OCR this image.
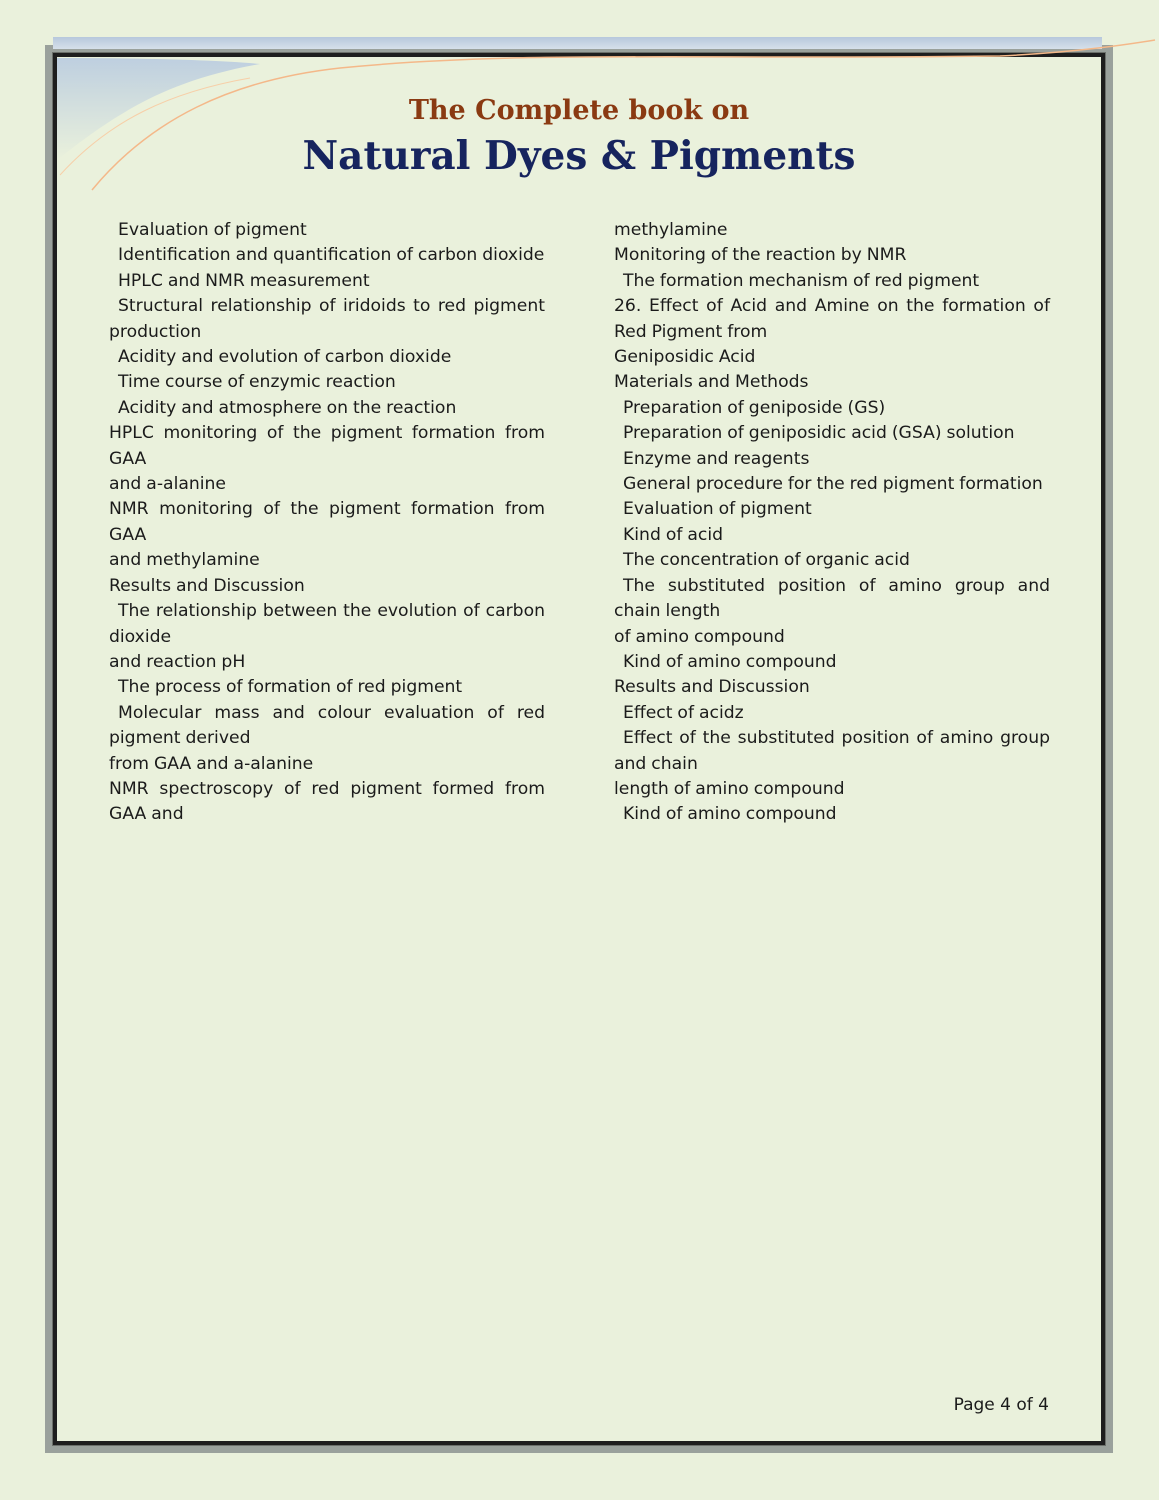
The Complete book on
Natural Dyes & Pigments

Evaluation of pigment

Identification and quantification of carbon dioxide

HPLC and NMR measurement

Structural relationship of iridoids to red pigment production

Acidity and evolution of carbon dioxide

Time course of enzymic reaction

Acidity and atmosphere on the reaction

HPLC monitoring of the pigment formation from GAA

and a-alanine

NMR monitoring of the pigment formation from GAA

and methylamine

Results and Discussion

The relationship between the evolution of carbon dioxide

and reaction pH

The process of formation of red pigment

Molecular mass and colour evaluation of red pigment derived

from GAA and a-alanine

NMR spectroscopy of red pigment formed from GAA and

methylamine

Monitoring of the reaction by NMR

The formation mechanism of red pigment

26. Effect of Acid and Amine on the formation of Red Pigment from

Geniposidic Acid

Materials and Methods

Preparation of geniposide (GS)

Preparation of geniposidic acid (GSA) solution

Enzyme and reagents

General procedure for the red pigment formation

Evaluation of pigment

Kind of acid

The concentration of organic acid

The substituted position of amino group and chain length

of amino compound

Kind of amino compound

Results and Discussion

Effect of acidz

Effect of the substituted position of amino group and chain

length of amino compound

Kind of amino compound

Page 4 of 4
